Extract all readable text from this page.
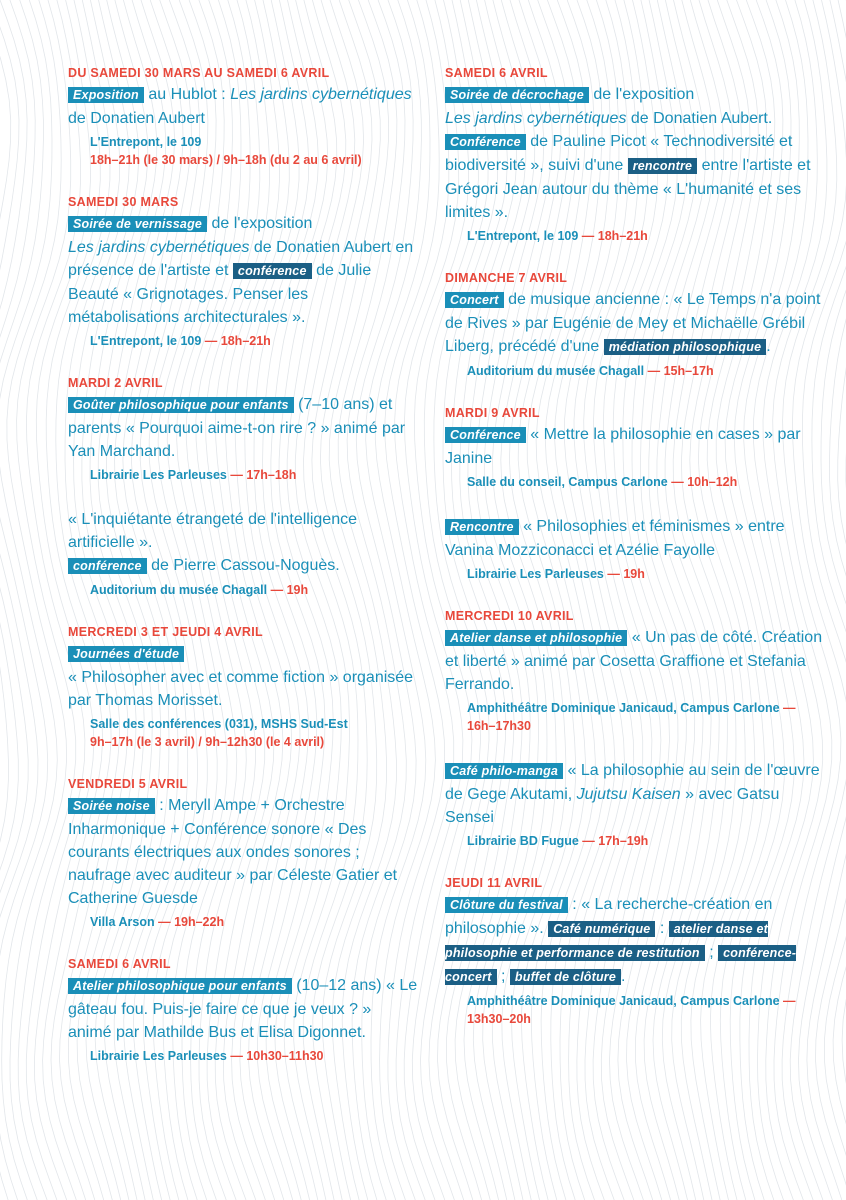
DU SAMEDI 30 MARS AU SAMEDI 6 AVRIL
Exposition au Hublot : Les jardins cybernétiques de Donatien Aubert
L'Entrepont, le 109
18h–21h (le 30 mars) / 9h–18h (du 2 au 6 avril)
SAMEDI 30 MARS
Soirée de vernissage de l'exposition
Les jardins cybernétiques de Donatien Aubert en présence de l'artiste et conférence de Julie Beauté « Grignotages. Penser les métabolisations architecturales ».
L'Entrepont, le 109 — 18h–21h
MARDI 2 AVRIL
Goûter philosophique pour enfants (7–10 ans) et parents « Pourquoi aime-t-on rire ? » animé par Yan Marchand.
Librairie Les Parleuses — 17h–18h
« L'inquiétante étrangeté de l'intelligence artificielle ».
conférence de Pierre Cassou-Noguès.
Auditorium du musée Chagall — 19h
MERCREDI 3 ET JEUDI 4 AVRIL
Journées d'étude
« Philosopher avec et comme fiction » organisée par Thomas Morisset.
Salle des conférences (031), MSHS Sud-Est
9h–17h (le 3 avril) / 9h–12h30 (le 4 avril)
VENDREDI 5 AVRIL
Soirée noise : Meryll Ampe + Orchestre Inharmonique + Conférence sonore « Des courants électriques aux ondes sonores ; naufrage avec auditeur » par Céleste Gatier et Catherine Guesde
Villa Arson — 19h–22h
SAMEDI 6 AVRIL
Atelier philosophique pour enfants (10–12 ans) « Le gâteau fou. Puis-je faire ce que je veux ? » animé par Mathilde Bus et Elisa Digonnet.
Librairie Les Parleuses — 10h30–11h30
SAMEDI 6 AVRIL
Soirée de décrochage de l'exposition
Les jardins cybernétiques de Donatien Aubert. Conférence de Pauline Picot « Technodiversité et biodiversité », suivi d'une rencontre entre l'artiste et Grégori Jean autour du thème « L'humanité et ses limites ».
L'Entrepont, le 109 — 18h–21h
DIMANCHE 7 AVRIL
Concert de musique ancienne : « Le Temps n'a point de Rives » par Eugénie de Mey et Michaëlle Grébil Liberg, précédé d'une médiation philosophique .
Auditorium du musée Chagall — 15h–17h
MARDI 9 AVRIL
Conférence « Mettre la philosophie en cases » par Janine
Salle du conseil, Campus Carlone — 10h–12h
Rencontre « Philosophies et féminismes » entre Vanina Mozziconacci et Azélie Fayolle
Librairie Les Parleuses — 19h
MERCREDI 10 AVRIL
Atelier danse et philosophie « Un pas de côté. Création et liberté » animé par Cosetta Graffione et Stefania Ferrando.
Amphithéâtre Dominique Janicaud, Campus Carlone — 16h–17h30
Café philo-manga « La philosophie au sein de l'œuvre de Gege Akutami, Jujutsu Kaisen » avec Gatsu Sensei
Librairie BD Fugue — 17h–19h
JEUDI 11 AVRIL
Clôture du festival : « La recherche-création en philosophie ». Café numérique : atelier danse et philosophie et performance de restitution ; conférence-concert ; buffet de clôture .
Amphithéâtre Dominique Janicaud, Campus Carlone — 13h30–20h
